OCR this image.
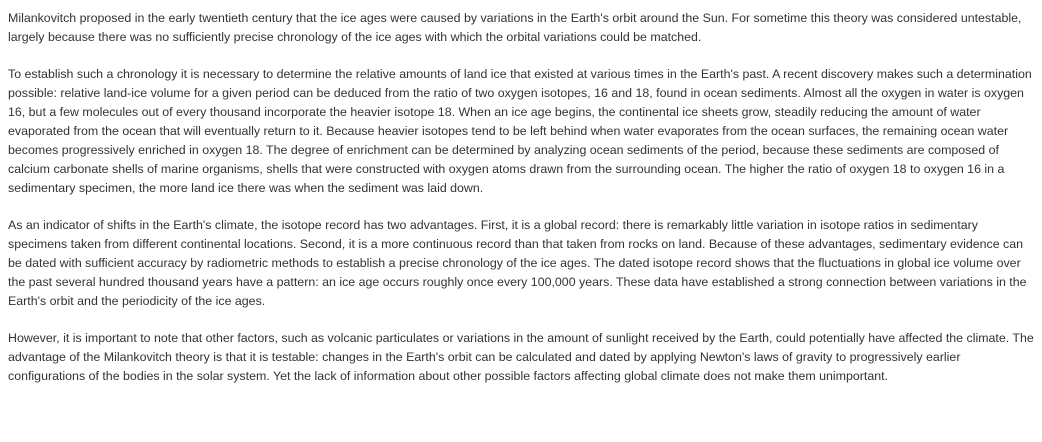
Milankovitch proposed in the early twentieth century that the ice ages were caused by variations in the Earth's orbit around the Sun. For sometime this theory was considered untestable, largely because there was no sufficiently precise chronology of the ice ages with which the orbital variations could be matched.

To establish such a chronology it is necessary to determine the relative amounts of land ice that existed at various times in the Earth's past. A recent discovery makes such a determination possible: relative land-ice volume for a given period can be deduced from the ratio of two oxygen isotopes, 16 and 18, found in ocean sediments. Almost all the oxygen in water is oxygen 16, but a few molecules out of every thousand incorporate the heavier isotope 18. When an ice age begins, the continental ice sheets grow, steadily reducing the amount of water evaporated from the ocean that will eventually return to it. Because heavier isotopes tend to be left behind when water evaporates from the ocean surfaces, the remaining ocean water becomes progressively enriched in oxygen 18. The degree of enrichment can be determined by analyzing ocean sediments of the period, because these sediments are composed of calcium carbonate shells of marine organisms, shells that were constructed with oxygen atoms drawn from the surrounding ocean. The higher the ratio of oxygen 18 to oxygen 16 in a sedimentary specimen, the more land ice there was when the sediment was laid down.

As an indicator of shifts in the Earth's climate, the isotope record has two advantages. First, it is a global record: there is remarkably little variation in isotope ratios in sedimentary specimens taken from different continental locations. Second, it is a more continuous record than that taken from rocks on land. Because of these advantages, sedimentary evidence can be dated with sufficient accuracy by radiometric methods to establish a precise chronology of the ice ages. The dated isotope record shows that the fluctuations in global ice volume over the past several hundred thousand years have a pattern: an ice age occurs roughly once every 100,000 years. These data have established a strong connection between variations in the Earth's orbit and the periodicity of the ice ages.

However, it is important to note that other factors, such as volcanic particulates or variations in the amount of sunlight received by the Earth, could potentially have affected the climate. The advantage of the Milankovitch theory is that it is testable: changes in the Earth's orbit can be calculated and dated by applying Newton's laws of gravity to progressively earlier configurations of the bodies in the solar system. Yet the lack of information about other possible factors affecting global climate does not make them unimportant.
